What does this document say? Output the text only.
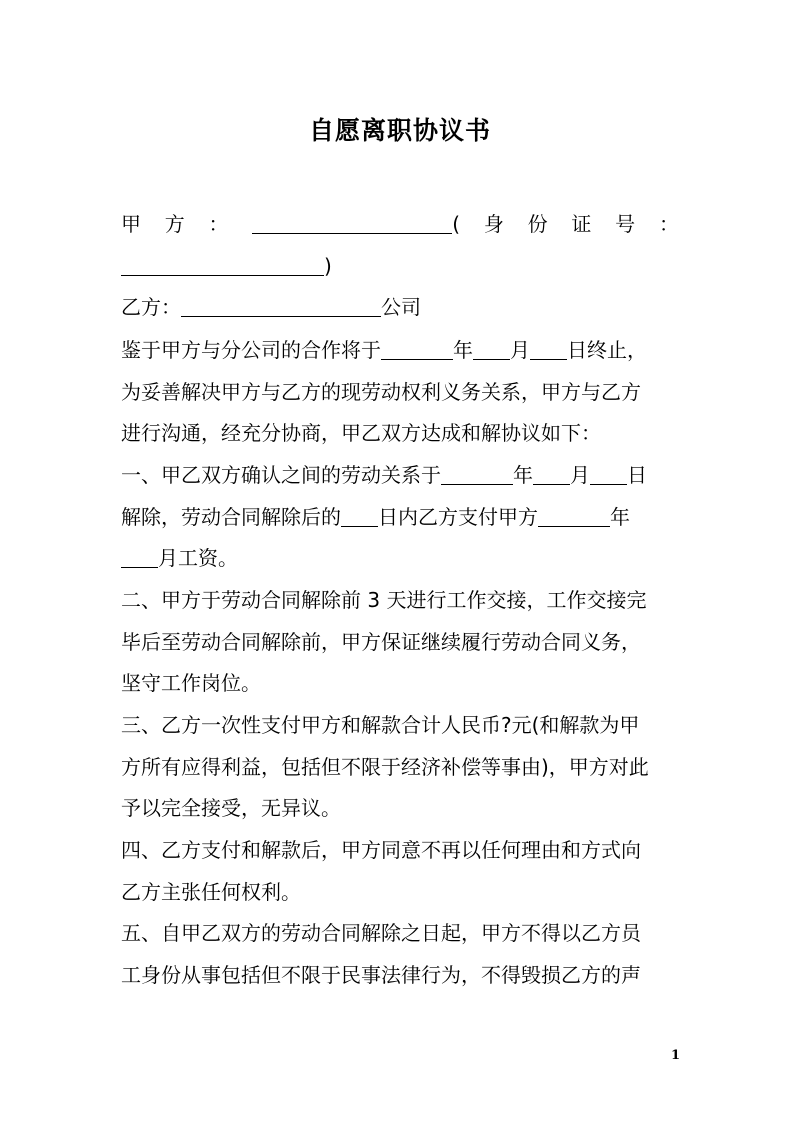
自愿离职协议书
甲 方 ：	( 身 份 证 号 ：
)
乙方：	公司
鉴于甲方与分公司的合作将于	年 月 日终止，
为妥善解决甲方与乙方的现劳动权利义务关系，甲方与乙方
进行沟通，经充分协商，甲乙双方达成和解协议如下：
一、甲乙双方确认之间的劳动关系于	年 月 日
解除，劳动合同解除后的 日内乙方支付甲方	年
月工资。
二、甲方于劳动合同解除前 3 天进行工作交接，工作交接完
毕后至劳动合同解除前，甲方保证继续履行劳动合同义务，
坚守工作岗位。
三、乙方一次性支付甲方和解款合计人民币?元(和解款为甲
方所有应得利益，包括但不限于经济补偿等事由)，甲方对此
予以完全接受，无异议。
四、乙方支付和解款后，甲方同意不再以任何理由和方式向
乙方主张任何权利。
五、自甲乙双方的劳动合同解除之日起，甲方不得以乙方员
工身份从事包括但不限于民事法律行为，不得毁损乙方的声
1
